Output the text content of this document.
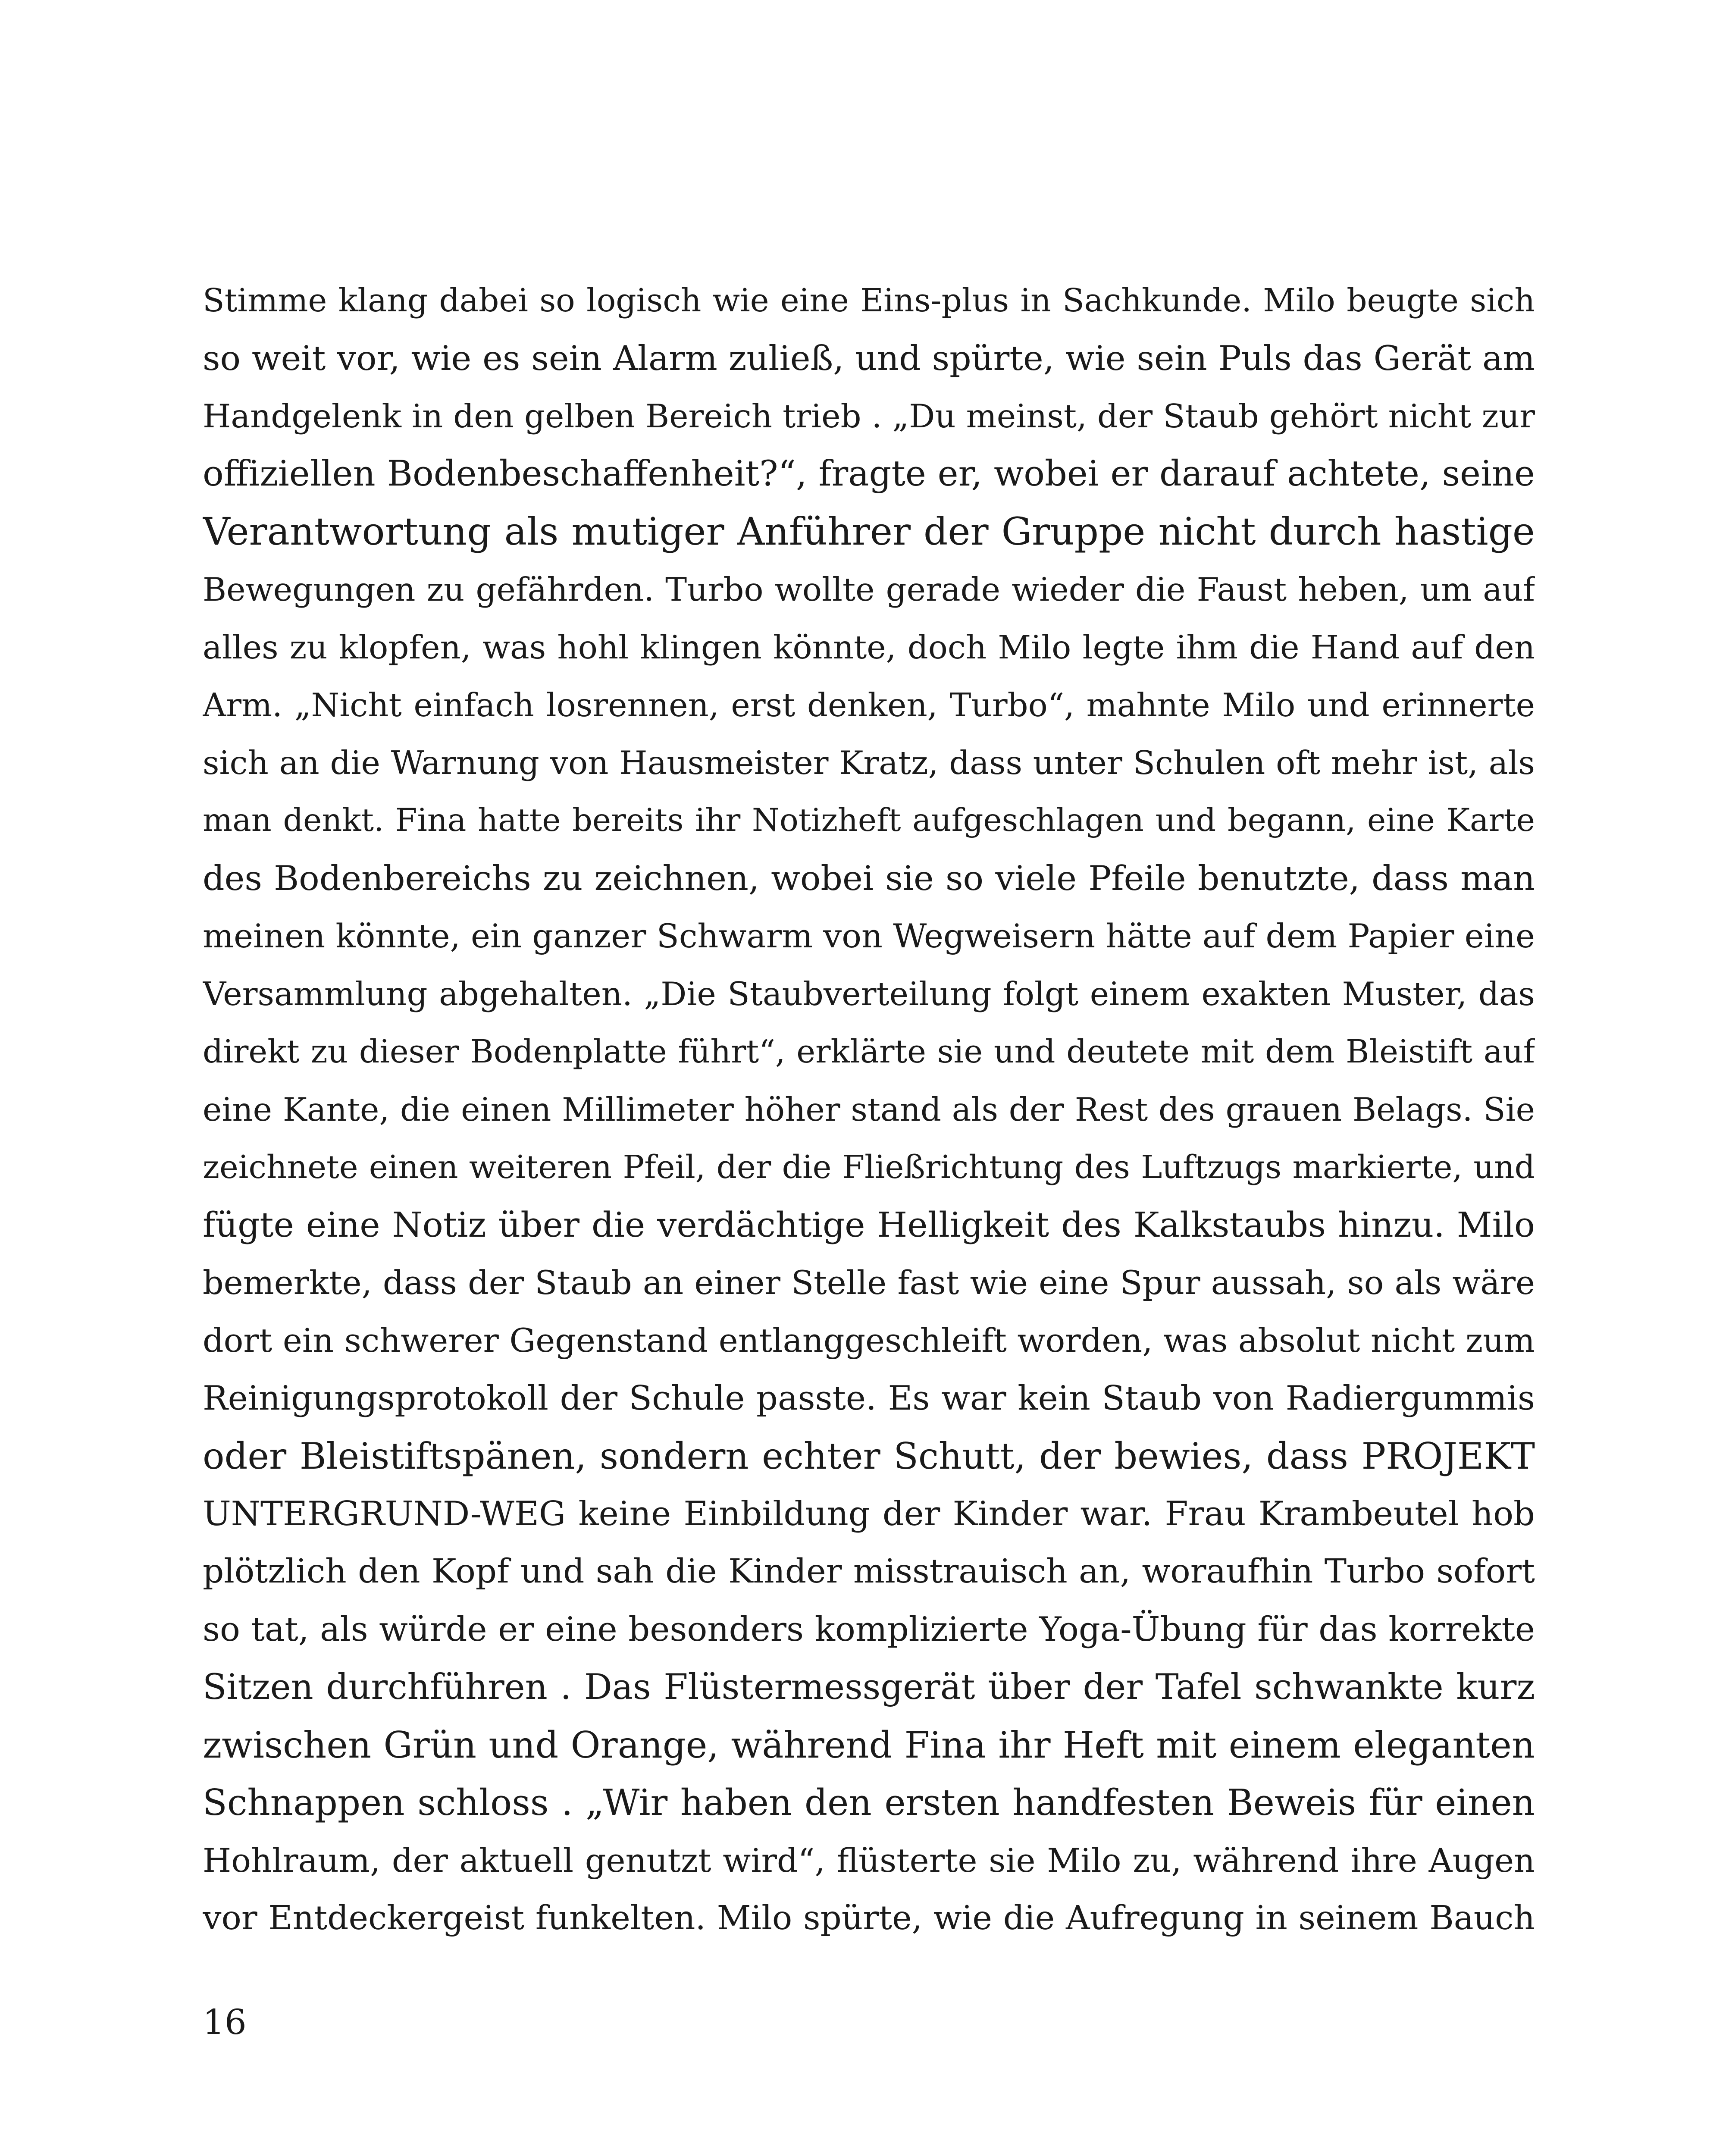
Stimme klang dabei so logisch wie eine Eins-plus in Sachkunde. Milo beugte sich
so weit vor, wie es sein Alarm zuließ, und spürte, wie sein Puls das Gerät am
Handgelenk in den gelben Bereich trieb . „Du meinst, der Staub gehört nicht zur
offiziellen Bodenbeschaffenheit?“, fragte er, wobei er darauf achtete, seine
Verantwortung als mutiger Anführer der Gruppe nicht durch hastige
Bewegungen zu gefährden. Turbo wollte gerade wieder die Faust heben, um auf
alles zu klopfen, was hohl klingen könnte, doch Milo legte ihm die Hand auf den
Arm. „Nicht einfach losrennen, erst denken, Turbo“, mahnte Milo und erinnerte
sich an die Warnung von Hausmeister Kratz, dass unter Schulen oft mehr ist, als
man denkt. Fina hatte bereits ihr Notizheft aufgeschlagen und begann, eine Karte
des Bodenbereichs zu zeichnen, wobei sie so viele Pfeile benutzte, dass man
meinen könnte, ein ganzer Schwarm von Wegweisern hätte auf dem Papier eine
Versammlung abgehalten. „Die Staubverteilung folgt einem exakten Muster, das
direkt zu dieser Bodenplatte führt“, erklärte sie und deutete mit dem Bleistift auf
eine Kante, die einen Millimeter höher stand als der Rest des grauen Belags. Sie
zeichnete einen weiteren Pfeil, der die Fließrichtung des Luftzugs markierte, und
fügte eine Notiz über die verdächtige Helligkeit des Kalkstaubs hinzu. Milo
bemerkte, dass der Staub an einer Stelle fast wie eine Spur aussah, so als wäre
dort ein schwerer Gegenstand entlanggeschleift worden, was absolut nicht zum
Reinigungsprotokoll der Schule passte. Es war kein Staub von Radiergummis
oder Bleistiftspänen, sondern echter Schutt, der bewies, dass PROJEKT
UNTERGRUND-WEG keine Einbildung der Kinder war. Frau Krambeutel hob
plötzlich den Kopf und sah die Kinder misstrauisch an, woraufhin Turbo sofort
so tat, als würde er eine besonders komplizierte Yoga-Übung für das korrekte
Sitzen durchführen . Das Flüstermessgerät über der Tafel schwankte kurz
zwischen Grün und Orange, während Fina ihr Heft mit einem eleganten
Schnappen schloss . „Wir haben den ersten handfesten Beweis für einen
Hohlraum, der aktuell genutzt wird“, flüsterte sie Milo zu, während ihre Augen
vor Entdeckergeist funkelten. Milo spürte, wie die Aufregung in seinem Bauch
16
